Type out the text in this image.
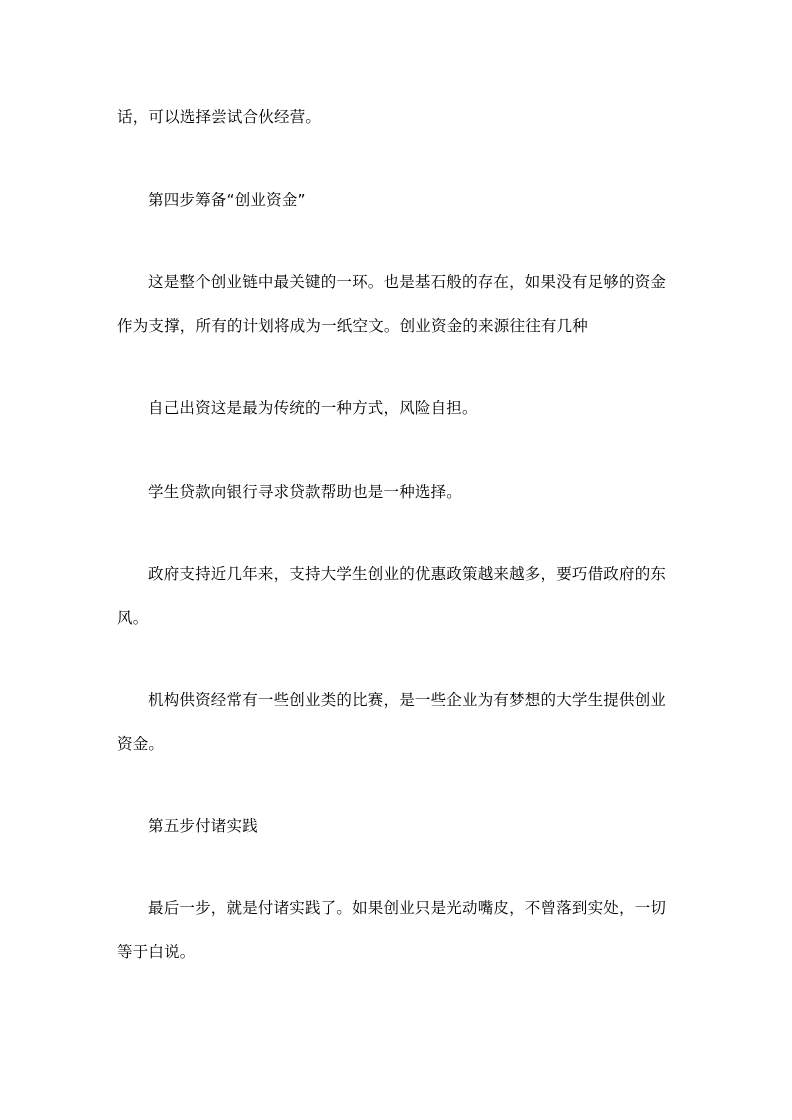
话，可以选择尝试合伙经营。
第四步筹备“创业资金”
这是整个创业链中最关键的一环。也是基石般的存在，如果没有足够的资金
作为支撑，所有的计划将成为一纸空文。创业资金的来源往往有几种
自己出资这是最为传统的一种方式，风险自担。
学生贷款向银行寻求贷款帮助也是一种选择。
政府支持近几年来，支持大学生创业的优惠政策越来越多，要巧借政府的东
风。
机构供资经常有一些创业类的比赛，是一些企业为有梦想的大学生提供创业
资金。
第五步付诸实践
最后一步，就是付诸实践了。如果创业只是光动嘴皮，不曾落到实处，一切
等于白说。
